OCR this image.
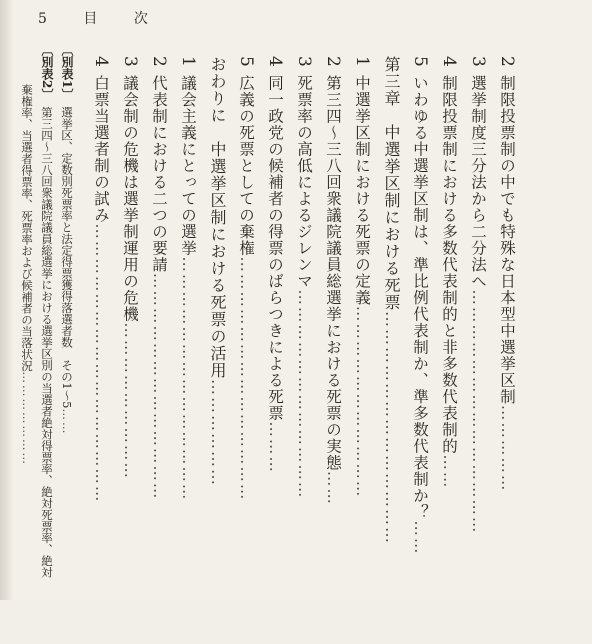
5 目 次
2制限投票制の中でも特殊な日本型中選挙区制……………
3選挙制度三分法から二分法へ……………………………………
4制限投票制における多数代表制的と非多数代表制的……
5いわゆる中選挙区制は、準比例代表制か、準多数代表制か？……
第三章　中選挙区制における死票…………………………………
1中選挙区制における死票の定義……………………………
2第三四～三八回衆議院議員総選挙における死票の実態……
3死票率の高低によるジレンマ………………………………
4同一政党の候補者の得票のばらつきによる死票………
5広義の死票としての棄権……………………………………
おわりに　中選挙区制における死票の活用………………
1議会主義にとっての選挙……………………………………
2代表制における二つの要請…………………………………
3議会制の危機は選挙制運用の危機………………………
4白票当選者制の試み…………………………………………
〔別表1〕選挙区、定数別死票率と法定得票獲得落選者数　その1～5……
〔別表2〕第三四～三八回衆議院議員総選挙における選挙区別の当選者絶対得票率、絶対死票率、絶対
棄権率、当選者得票率、死票率および候補者の当落状況…………………
